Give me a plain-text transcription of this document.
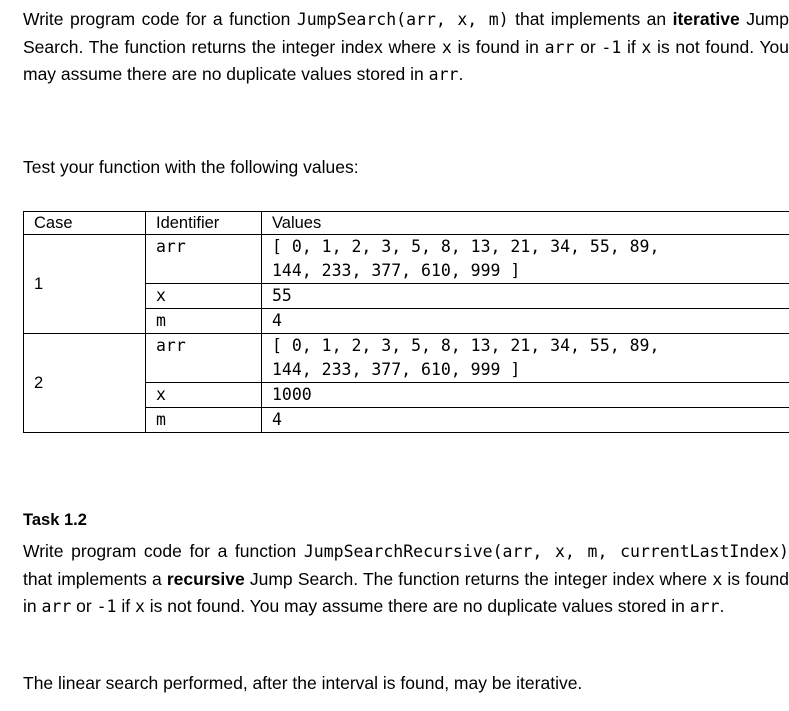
Write program code for a function JumpSearch(arr, x, m) that implements an iterative Jump Search. The function returns the integer index where x is found in arr or -1 if x is not found. You may assume there are no duplicate values stored in arr.

Test your function with the following values:

Case	Identifier	Values
1	arr	[ 0, 1, 2, 3, 5, 8, 13, 21, 34, 55, 89,
144, 233, 377, 610, 999 ]
	x	55
	m	4
2	arr	[ 0, 1, 2, 3, 5, 8, 13, 21, 34, 55, 89,
144, 233, 377, 610, 999 ]
	x	1000
	m	4
Task 1.2

Write program code for a function JumpSearchRecursive(arr, x, m, currentLastIndex) that implements a recursive Jump Search. The function returns the integer index where x is found in arr or -1 if x is not found. You may assume there are no duplicate values stored in arr.

The linear search performed, after the interval is found, may be iterative.
